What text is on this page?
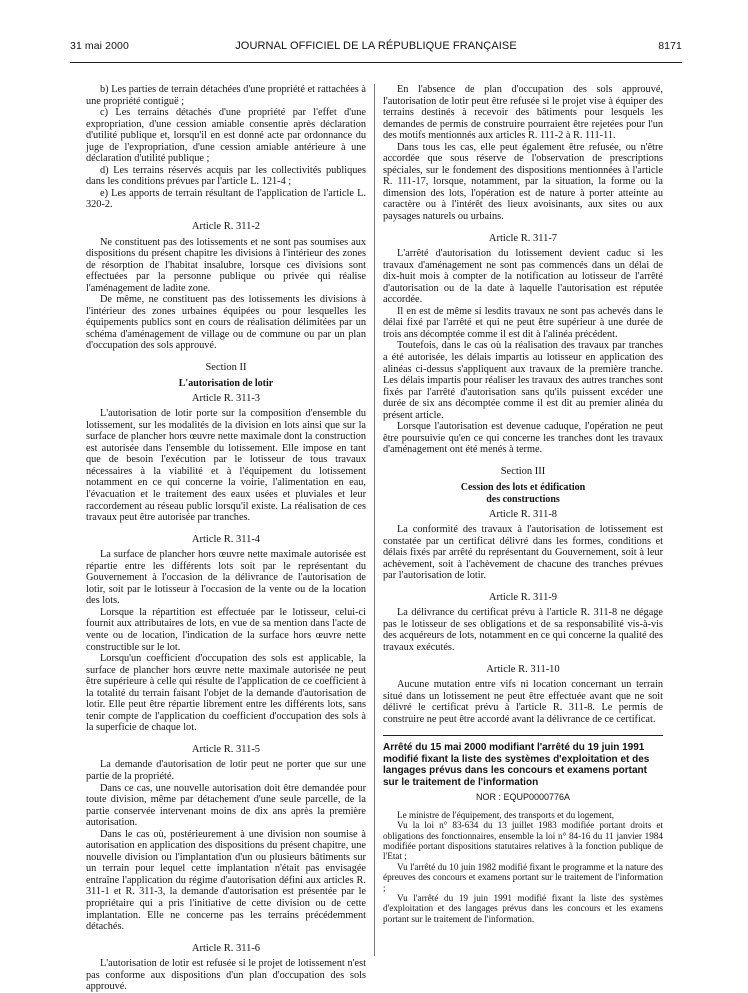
31 mai 2000	JOURNAL OFFICIEL DE LA RÉPUBLIQUE FRANÇAISE	8171

b) Les parties de terrain détachées d'une propriété et rattachées à une propriété contiguë ;

c) Les terrains détachés d'une propriété par l'effet d'une expropriation, d'une cession amiable consentie après déclaration d'utilité publique et, lorsqu'il en est donné acte par ordonnance du juge de l'expropriation, d'une cession amiable antérieure à une déclaration d'utilité publique ;

d) Les terrains réservés acquis par les collectivités publiques dans les conditions prévues par l'article L. 121-4 ;

e) Les apports de terrain résultant de l'application de l'article L. 320-2.

Article R. 311-2

Ne constituent pas des lotissements et ne sont pas soumises aux dispositions du présent chapitre les divisions à l'intérieur des zones de résorption de l'habitat insalubre, lorsque ces divisions sont effectuées par la personne publique ou privée qui réalise l'aménagement de ladite zone.

De même, ne constituent pas des lotissements les divisions à l'intérieur des zones urbaines équipées ou pour lesquelles les équipements publics sont en cours de réalisation délimitées par un schéma d'aménagement de village ou de commune ou par un plan d'occupation des sols approuvé.

Section II

L'autorisation de lotir

Article R. 311-3

L'autorisation de lotir porte sur la composition d'ensemble du lotissement, sur les modalités de la division en lots ainsi que sur la surface de plancher hors œuvre nette maximale dont la construction est autorisée dans l'ensemble du lotissement. Elle impose en tant que de besoin l'exécution par le lotisseur de tous travaux nécessaires à la viabilité et à l'équipement du lotissement notamment en ce qui concerne la voirie, l'alimentation en eau, l'évacuation et le traitement des eaux usées et pluviales et leur raccordement au réseau public lorsqu'il existe. La réalisation de ces travaux peut être autorisée par tranches.

Article R. 311-4

La surface de plancher hors œuvre nette maximale autorisée est répartie entre les différents lots soit par le représentant du Gouvernement à l'occasion de la délivrance de l'autorisation de lotir, soit par le lotisseur à l'occasion de la vente ou de la location des lots.

Lorsque la répartition est effectuée par le lotisseur, celui-ci fournit aux attributaires de lots, en vue de sa mention dans l'acte de vente ou de location, l'indication de la surface hors œuvre nette constructible sur le lot.

Lorsqu'un coefficient d'occupation des sols est applicable, la surface de plancher hors œuvre nette maximale autorisée ne peut être supérieure à celle qui résulte de l'application de ce coefficient à la totalité du terrain faisant l'objet de la demande d'autorisation de lotir. Elle peut être répartie librement entre les différents lots, sans tenir compte de l'application du coefficient d'occupation des sols à la superficie de chaque lot.

Article R. 311-5

La demande d'autorisation de lotir peut ne porter que sur une partie de la propriété.

Dans ce cas, une nouvelle autorisation doit être demandée pour toute division, même par détachement d'une seule parcelle, de la partie conservée intervenant moins de dix ans après la première autorisation.

Dans le cas où, postérieurement à une division non soumise à autorisation en application des dispositions du présent chapitre, une nouvelle division ou l'implantation d'un ou plusieurs bâtiments sur un terrain pour lequel cette implantation n'était pas envisagée entraîne l'application du régime d'autorisation défini aux articles R. 311-1 et R. 311-3, la demande d'autorisation est présentée par le propriétaire qui a pris l'initiative de cette division ou de cette implantation. Elle ne concerne pas les terrains précédemment détachés.

Article R. 311-6

L'autorisation de lotir est refusée si le projet de lotissement n'est pas conforme aux dispositions d'un plan d'occupation des sols approuvé.

En l'absence de plan d'occupation des sols approuvé, l'autorisation de lotir peut être refusée si le projet vise à équiper des terrains destinés à recevoir des bâtiments pour lesquels les demandes de permis de construire pourraient être rejetées pour l'un des motifs mentionnés aux articles R. 111-2 à R. 111-11.

Dans tous les cas, elle peut également être refusée, ou n'être accordée que sous réserve de l'observation de prescriptions spéciales, sur le fondement des dispositions mentionnées à l'article R. 111-17, lorsque, notamment, par la situation, la forme ou la dimension des lots, l'opération est de nature à porter atteinte au caractère ou à l'intérêt des lieux avoisinants, aux sites ou aux paysages naturels ou urbains.

Article R. 311-7

L'arrêté d'autorisation du lotissement devient caduc si les travaux d'aménagement ne sont pas commencés dans un délai de dix-huit mois à compter de la notification au lotisseur de l'arrêté d'autorisation ou de la date à laquelle l'autorisation est réputée accordée.

Il en est de même si lesdits travaux ne sont pas achevés dans le délai fixé par l'arrêté et qui ne peut être supérieur à une durée de trois ans décomptée comme il est dit à l'alinéa précédent.

Toutefois, dans le cas où la réalisation des travaux par tranches a été autorisée, les délais impartis au lotisseur en application des alinéas ci-dessus s'appliquent aux travaux de la première tranche. Les délais impartis pour réaliser les travaux des autres tranches sont fixés par l'arrêté d'autorisation sans qu'ils puissent excéder une durée de six ans décomptée comme il est dit au premier alinéa du présent article.

Lorsque l'autorisation est devenue caduque, l'opération ne peut être poursuivie qu'en ce qui concerne les tranches dont les travaux d'aménagement ont été menés à terme.

Section III

Cession des lots et édification

des constructions

Article R. 311-8

La conformité des travaux à l'autorisation de lotissement est constatée par un certificat délivré dans les formes, conditions et délais fixés par arrêté du représentant du Gouvernement, soit à leur achèvement, soit à l'achèvement de chacune des tranches prévues par l'autorisation de lotir.

Article R. 311-9

La délivrance du certificat prévu à l'article R. 311-8 ne dégage pas le lotisseur de ses obligations et de sa responsabilité vis-à-vis des acquéreurs de lots, notamment en ce qui concerne la qualité des travaux exécutés.

Article R. 311-10

Aucune mutation entre vifs ni location concernant un terrain situé dans un lotissement ne peut être effectuée avant que ne soit délivré le certificat prévu à l'article R. 311-8. Le permis de construire ne peut être accordé avant la délivrance de ce certificat.

Arrêté du 15 mai 2000 modifiant l'arrêté du 19 juin 1991 modifié fixant la liste des systèmes d'exploitation et des langages prévus dans les concours et examens portant sur le traitement de l'information

NOR : EQUP0000776A

Le ministre de l'équipement, des transports et du logement,

Vu la loi n° 83-634 du 13 juillet 1983 modifiée portant droits et obligations des fonctionnaires, ensemble la loi n° 84-16 du 11 janvier 1984 modifiée portant dispositions statutaires relatives à la fonction publique de l'Etat ;

Vu l'arrêté du 10 juin 1982 modifié fixant le programme et la nature des épreuves des concours et examens portant sur le traitement de l'information ;

Vu l'arrêté du 19 juin 1991 modifié fixant la liste des systèmes d'exploitation et des langages prévus dans les concours et les examens portant sur le traitement de l'information.
